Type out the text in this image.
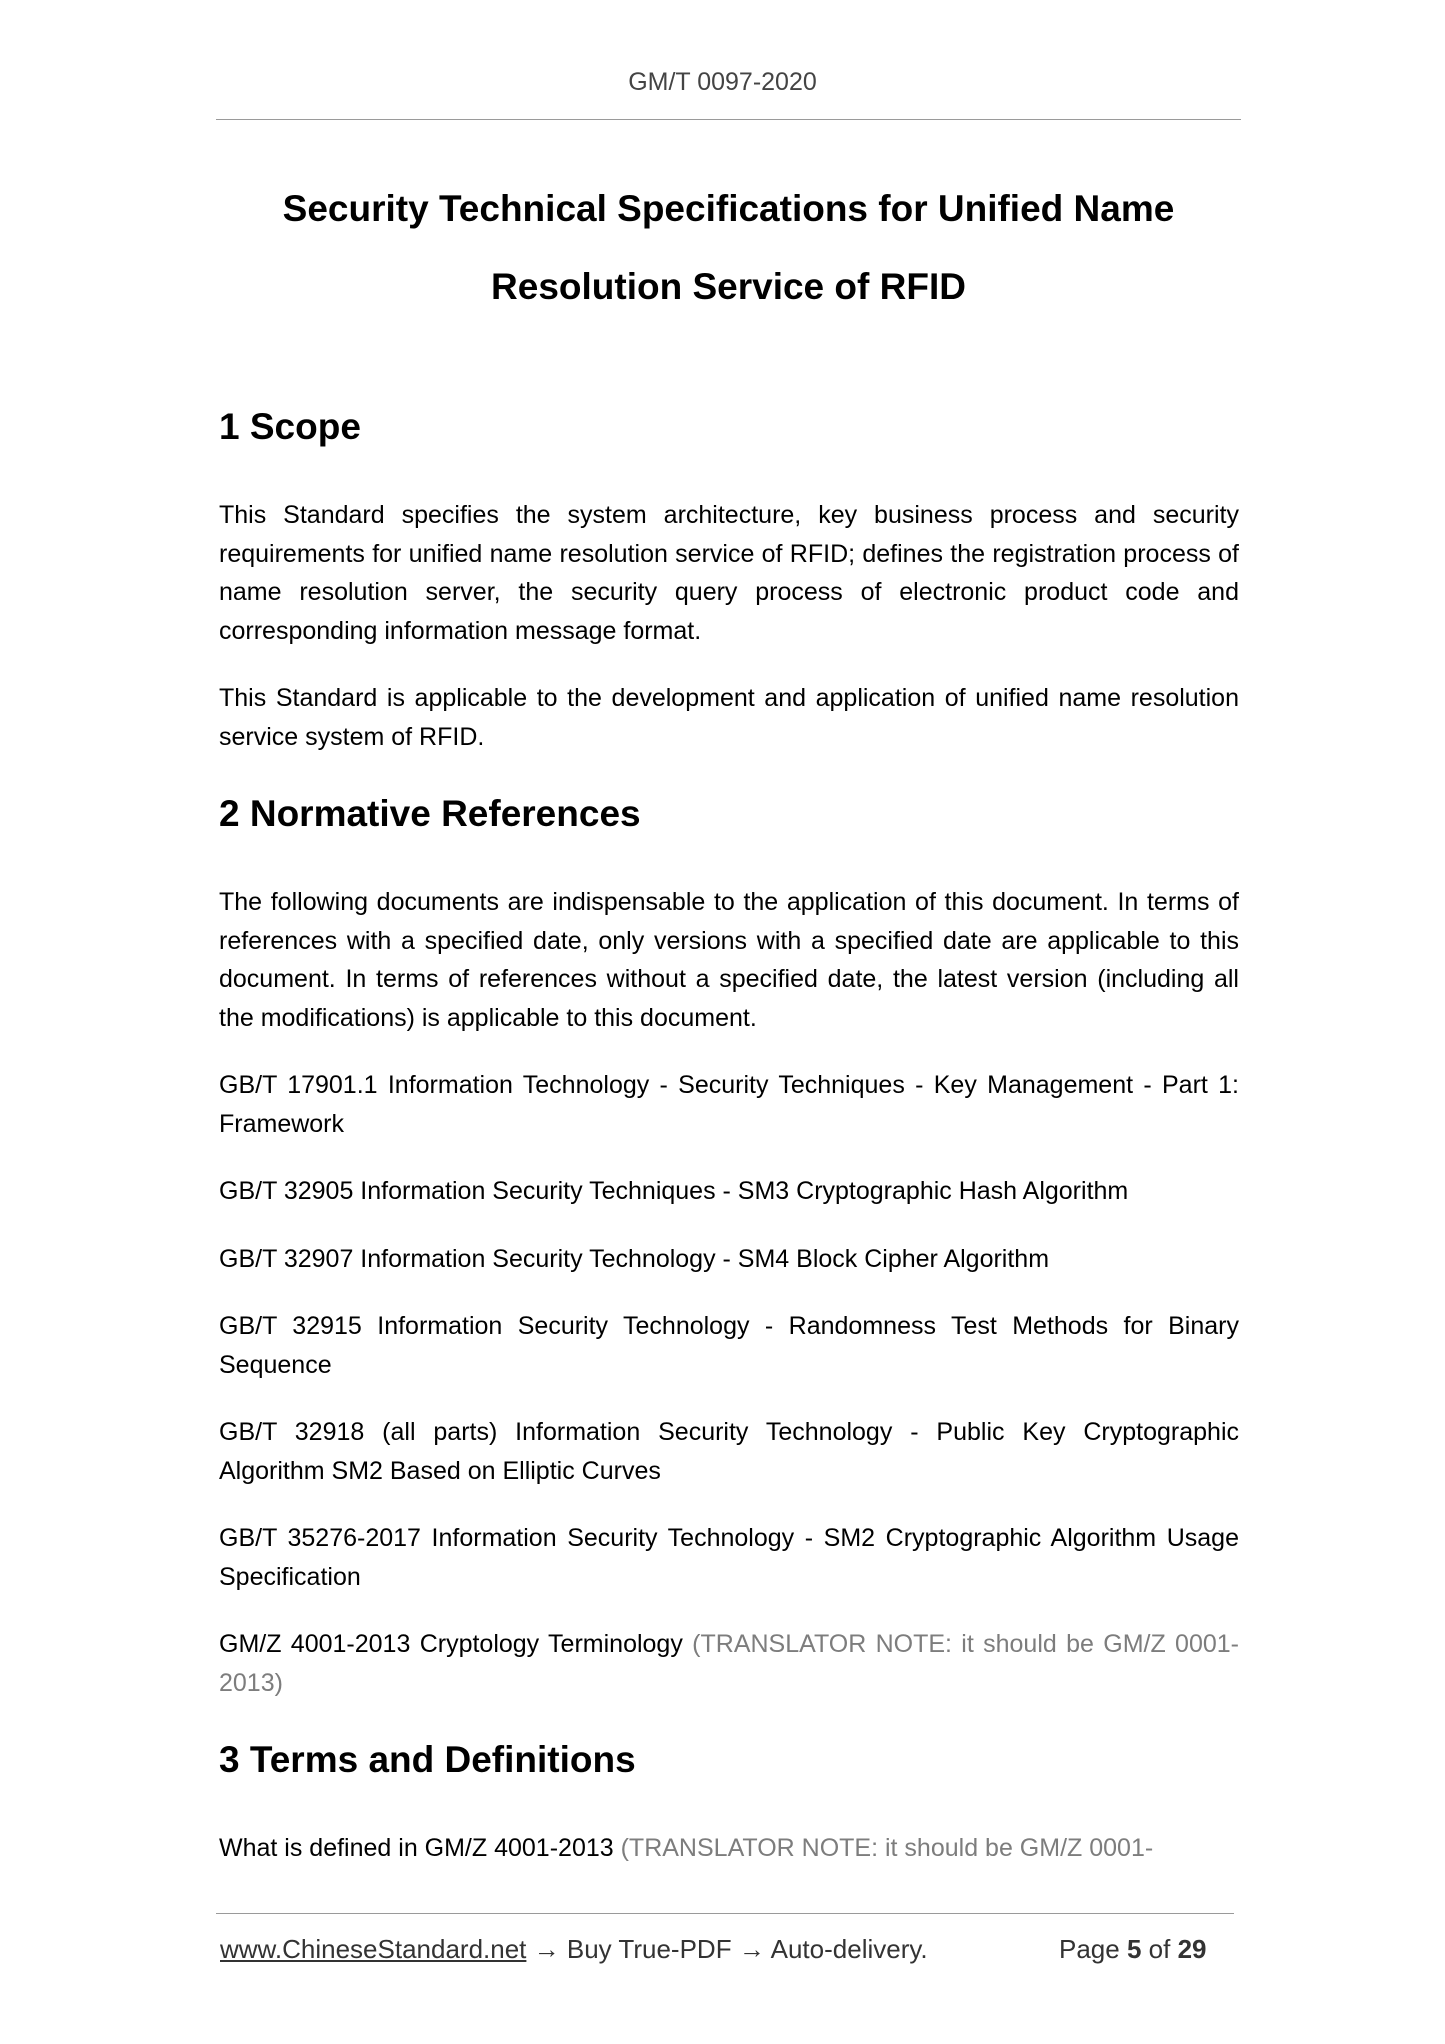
GM/T 0097-2020
Security Technical Specifications for Unified Name
Resolution Service of RFID
1 Scope

This Standard specifies the system architecture, key business process and security requirements for unified name resolution service of RFID; defines the registration process of name resolution server, the security query process of electronic product code and corresponding information message format.

This Standard is applicable to the development and application of unified name resolution service system of RFID.

2 Normative References

The following documents are indispensable to the application of this document. In terms of references with a specified date, only versions with a specified date are applicable to this document. In terms of references without a specified date, the latest version (including all the modifications) is applicable to this document.

GB/T 17901.1 Information Technology - Security Techniques - Key Management - Part 1: Framework

GB/T 32905 Information Security Techniques - SM3 Cryptographic Hash Algorithm

GB/T 32907 Information Security Technology - SM4 Block Cipher Algorithm

GB/T 32915 Information Security Technology - Randomness Test Methods for Binary Sequence

GB/T 32918 (all parts) Information Security Technology - Public Key Cryptographic Algorithm SM2 Based on Elliptic Curves

GB/T 35276-2017 Information Security Technology - SM2 Cryptographic Algorithm Usage Specification

GM/Z 4001-2013 Cryptology Terminology (TRANSLATOR NOTE: it should be GM/Z 0001-2013)

3 Terms and Definitions

What is defined in GM/Z 4001-2013 (TRANSLATOR NOTE: it should be GM/Z 0001-

www.ChineseStandard.net → Buy True-PDF → Auto-delivery.	Page 5 of 29
